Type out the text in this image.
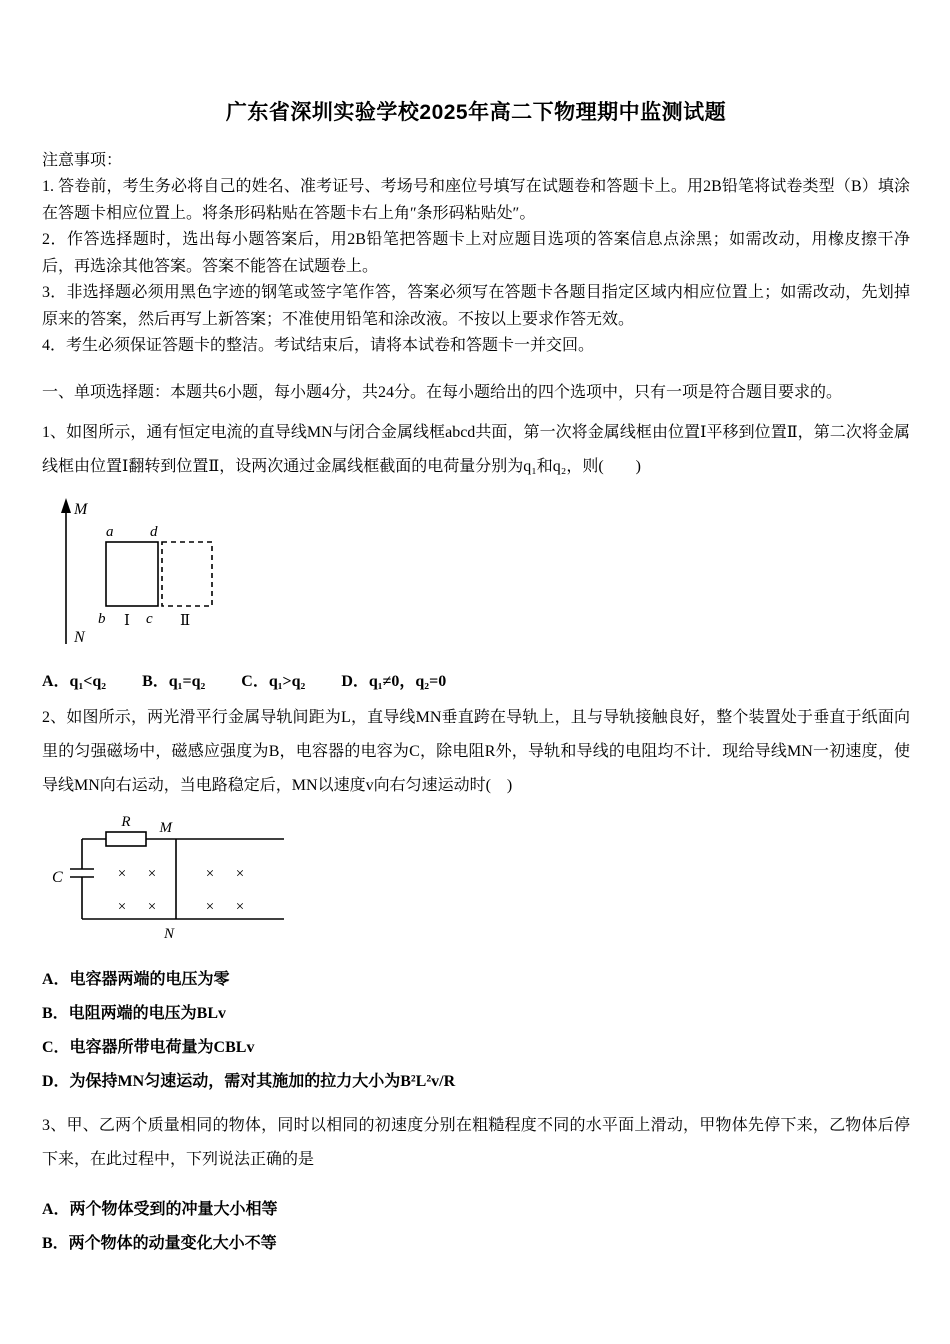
广东省深圳实验学校2025年高二下物理期中监测试题
注意事项：

1. 答卷前，考生务必将自己的姓名、准考证号、考场号和座位号填写在试题卷和答题卡上。用2B铅笔将试卷类型（B）填涂在答题卡相应位置上。将条形码粘贴在答题卡右上角″条形码粘贴处″。

2．作答选择题时，选出每小题答案后，用2B铅笔把答题卡上对应题目选项的答案信息点涂黑；如需改动，用橡皮擦干净后，再选涂其他答案。答案不能答在试题卷上。

3．非选择题必须用黑色字迹的钢笔或签字笔作答，答案必须写在答题卡各题目指定区域内相应位置上；如需改动，先划掉原来的答案，然后再写上新答案；不准使用铅笔和涂改液。不按以上要求作答无效。

4．考生必须保证答题卡的整洁。考试结束后，请将本试卷和答题卡一并交回。

一、单项选择题：本题共6小题，每小题4分，共24分。在每小题给出的四个选项中，只有一项是符合题目要求的。

1、如图所示，通有恒定电流的直导线MN与闭合金属线框abcd共面，第一次将金属线框由位置Ⅰ平移到位置Ⅱ，第二次将金属线框由位置Ⅰ翻转到位置Ⅱ，设两次通过金属线框截面的电荷量分别为q₁和q₂，则(　　)

M
N
a d
b	c
Ⅰ	Ⅱ

A．q₁<q₂ B．q₁=q₂ C．q₁>q₂ D．q₁≠0，q₂=0

2、如图所示，两光滑平行金属导轨间距为L，直导线MN垂直跨在导轨上，且与导轨接触良好，整个装置处于垂直于纸面向里的匀强磁场中，磁感应强度为B，电容器的电容为C，除电阻R外，导轨和导线的电阻均不计．现给导线MN一初速度，使导线MN向右运动，当电路稳定后，MN以速度v向右匀速运动时(　)

R M
C
N
× ×	× ×
× ×	× ×

A．电容器两端的电压为零

B．电阻两端的电压为BLv

C．电容器所带电荷量为CBLv

D．为保持MN匀速运动，需对其施加的拉力大小为B²L²v/R

3、甲、乙两个质量相同的物体，同时以相同的初速度分别在粗糙程度不同的水平面上滑动，甲物体先停下来，乙物体后停下来，在此过程中，下列说法正确的是

A．两个物体受到的冲量大小相等

B．两个物体的动量变化大小不等
